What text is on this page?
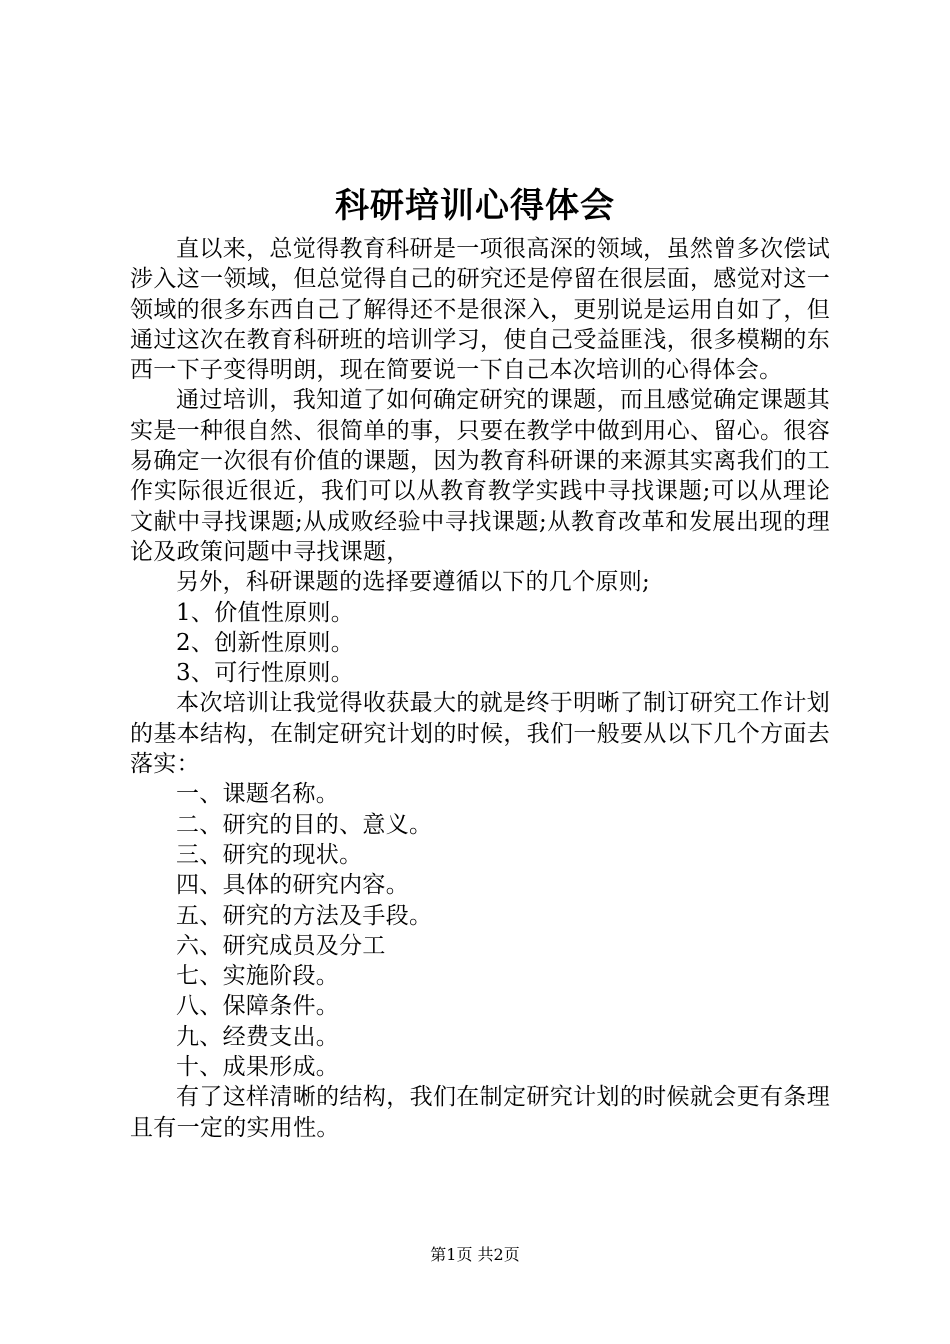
科研培训心得体会

直以来，总觉得教育科研是一项很高深的领域，虽然曾多次偿试涉入这一领域，但总觉得自己的研究还是停留在很层面，感觉对这一领域的很多东西自己了解得还不是很深入，更别说是运用自如了，但通过这次在教育科研班的培训学习，使自己受益匪浅，很多模糊的东西一下子变得明朗，现在简要说一下自己本次培训的心得体会。

通过培训，我知道了如何确定研究的课题，而且感觉确定课题其实是一种很自然、很简单的事，只要在教学中做到用心、留心。很容易确定一次很有价值的课题，因为教育科研课的来源其实离我们的工作实际很近很近，我们可以从教育教学实践中寻找课题;可以从理论文献中寻找课题;从成败经验中寻找课题;从教育改革和发展出现的理论及政策问题中寻找课题，

另外，科研课题的选择要遵循以下的几个原则;

1、价值性原则。

2、创新性原则。

3、可行性原则。

本次培训让我觉得收获最大的就是终于明晰了制订研究工作计划的基本结构，在制定研究计划的时候，我们一般要从以下几个方面去落实：

一、课题名称。

二、研究的目的、意义。

三、研究的现状。

四、具体的研究内容。

五、研究的方法及手段。

六、研究成员及分工

七、实施阶段。

八、保障条件。

九、经费支出。

十、成果形成。

有了这样清晰的结构，我们在制定研究计划的时候就会更有条理且有一定的实用性。

第1页 共2页
